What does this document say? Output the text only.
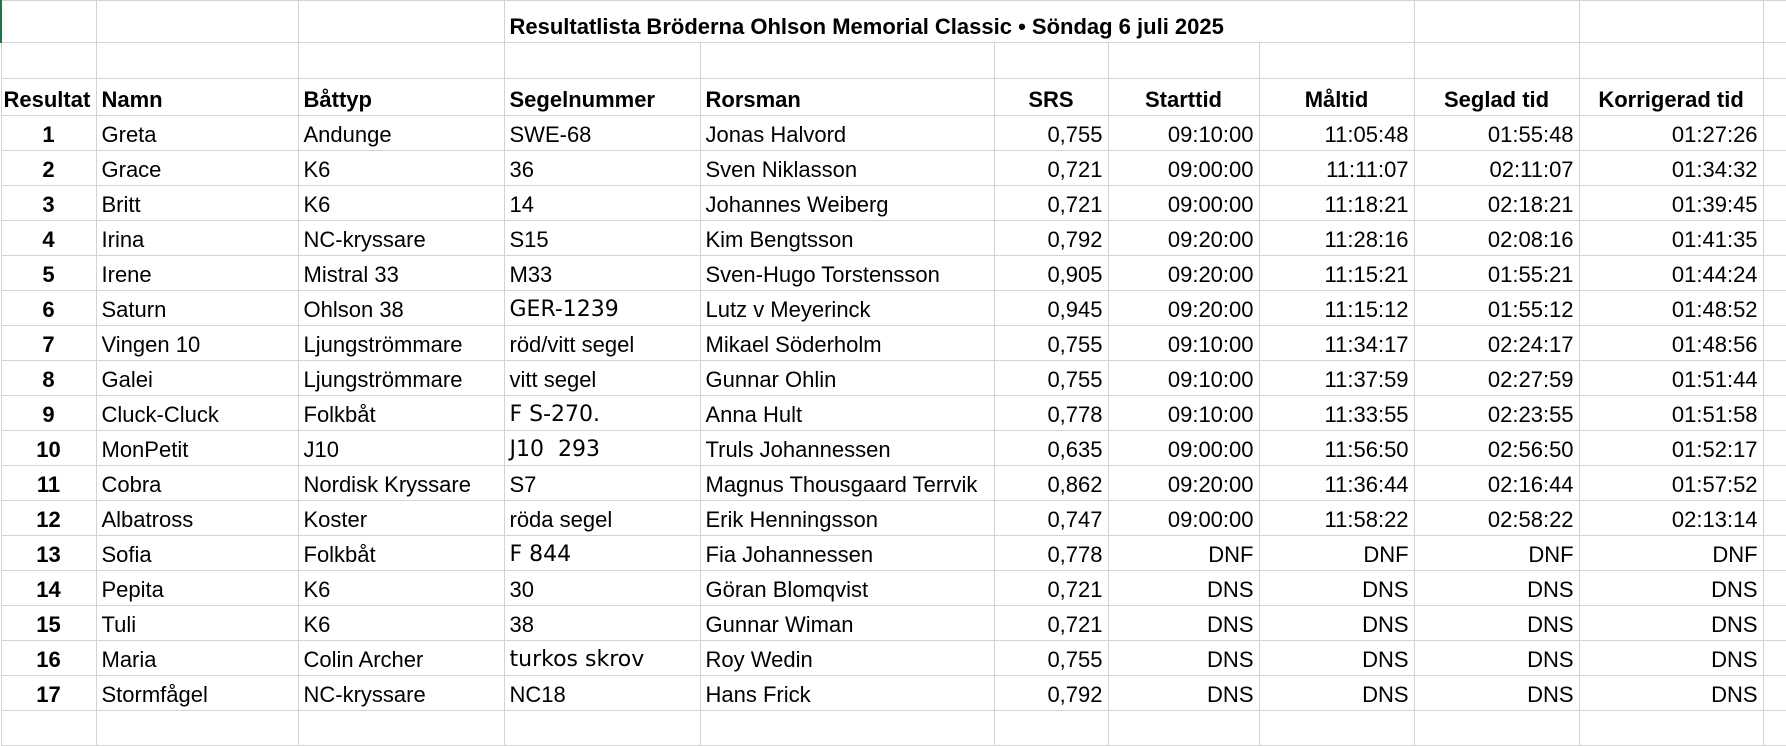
			Resultatlista Bröderna Ohlson Memorial Classic • Söndag 6 juli 2025							

Resultat	Namn	Båttyp	Segelnummer	Rorsman	SRS	Starttid	Måltid	Seglad tid	Korrigerad tid	
1	Greta	Andunge	SWE-68	Jonas Halvord	0,755	09:10:00	11:05:48	01:55:48	01:27:26	
2	Grace	K6	36	Sven Niklasson	0,721	09:00:00	11:11:07	02:11:07	01:34:32	
3	Britt	K6	14	Johannes Weiberg	0,721	09:00:00	11:18:21	02:18:21	01:39:45	
4	Irina	NC-kryssare	S15	Kim Bengtsson	0,792	09:20:00	11:28:16	02:08:16	01:41:35	
5	Irene	Mistral 33	M33	Sven-Hugo Torstensson	0,905	09:20:00	11:15:21	01:55:21	01:44:24	
6	Saturn	Ohlson 38	GER-1239	Lutz v Meyerinck	0,945	09:20:00	11:15:12	01:55:12	01:48:52	
7	Vingen 10	Ljungströmmare	röd/vitt segel	Mikael Söderholm	0,755	09:10:00	11:34:17	02:24:17	01:48:56	
8	Galei	Ljungströmmare	vitt segel	Gunnar Ohlin	0,755	09:10:00	11:37:59	02:27:59	01:51:44	
9	Cluck-Cluck	Folkbåt	F S-270.	Anna Hult	0,778	09:10:00	11:33:55	02:23:55	01:51:58	
10	MonPetit	J10	J10  293	Truls Johannessen	0,635	09:00:00	11:56:50	02:56:50	01:52:17	
11	Cobra	Nordisk Kryssare	S7	Magnus Thousgaard Terrvik	0,862	09:20:00	11:36:44	02:16:44	01:57:52	
12	Albatross	Koster	röda segel	Erik Henningsson	0,747	09:00:00	11:58:22	02:58:22	02:13:14	
13	Sofia	Folkbåt	F 844	Fia Johannessen	0,778	DNF	DNF	DNF	DNF	
14	Pepita	K6	30	Göran Blomqvist	0,721	DNS	DNS	DNS	DNS	
15	Tuli	K6	38	Gunnar Wiman	0,721	DNS	DNS	DNS	DNS	
16	Maria	Colin Archer	turkos skrov	Roy Wedin	0,755	DNS	DNS	DNS	DNS	
17	Stormfågel	NC-kryssare	NC18	Hans Frick	0,792	DNS	DNS	DNS	DNS	
